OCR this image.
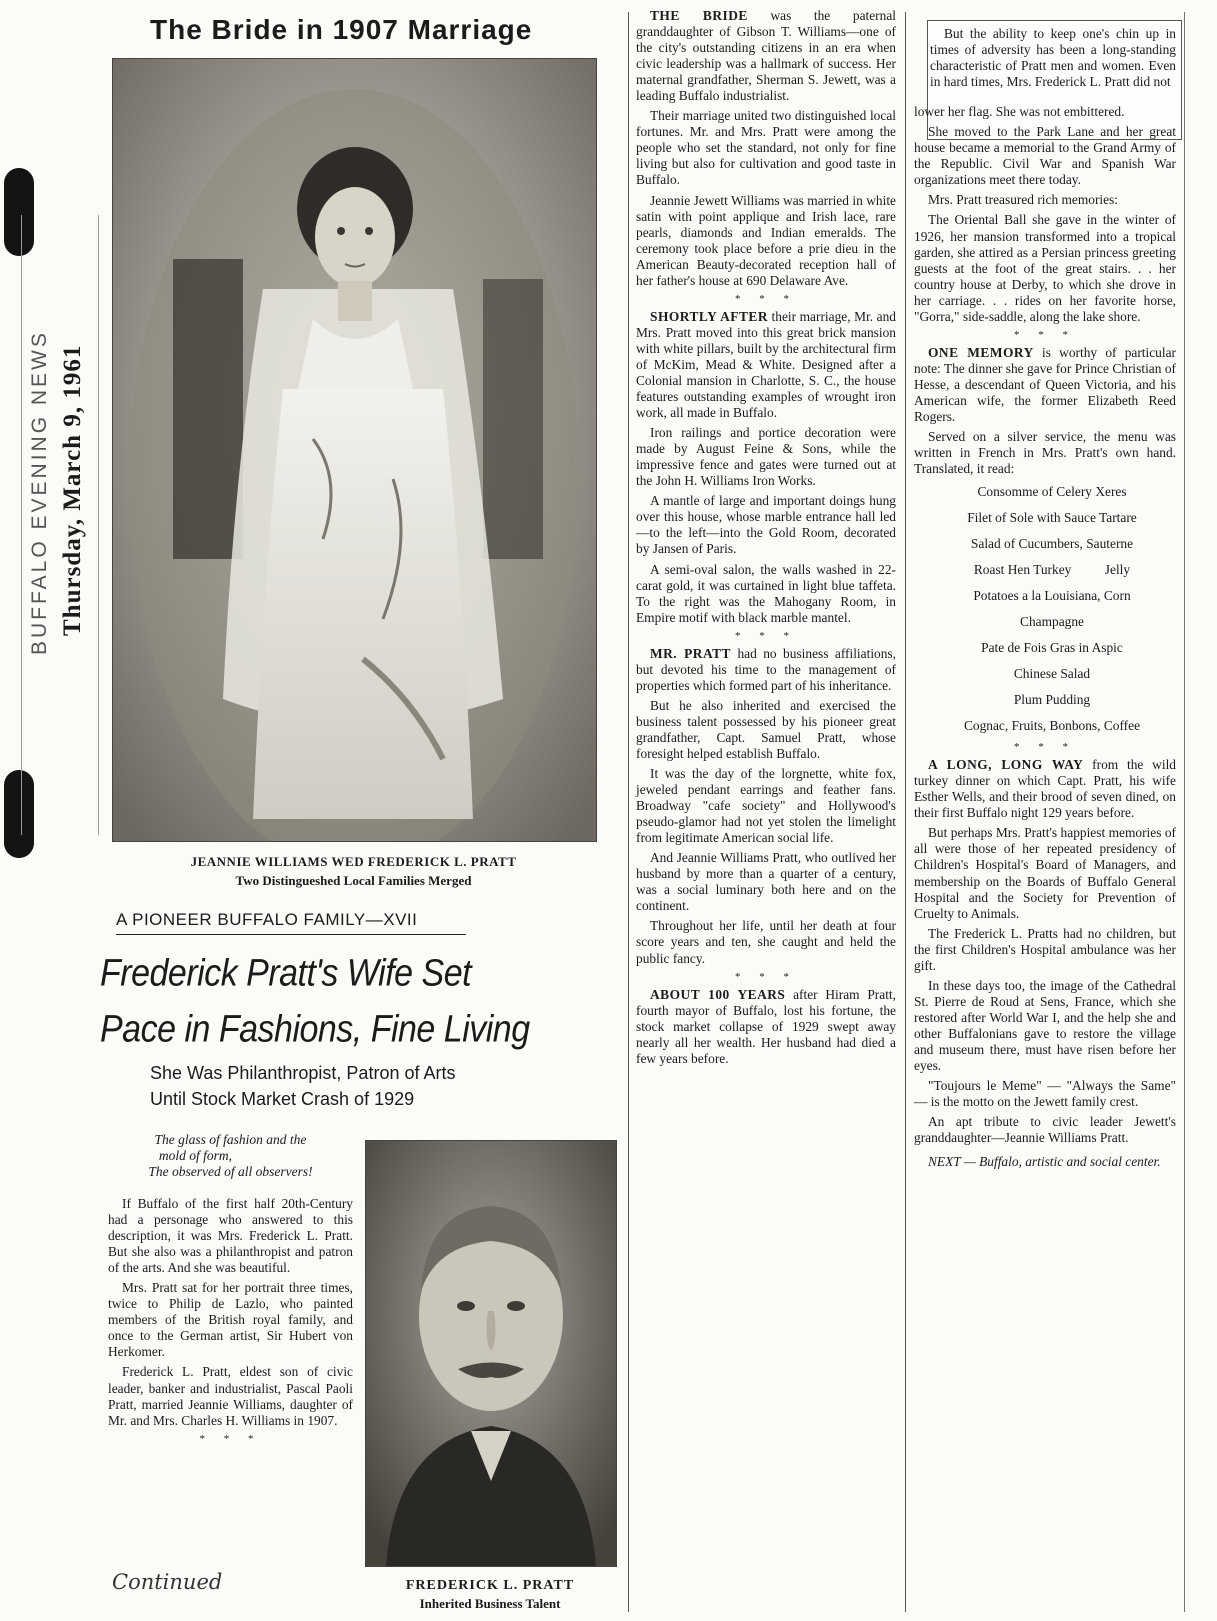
BUFFALO EVENING NEWS Thursday, March 9, 1961
The Bride in 1907 Marriage
JEANNIE WILLIAMS WED FREDERICK L. PRATT
Two Distingueshed Local Families Merged
A PIONEER BUFFALO FAMILY—XVII
Frederick Pratt's Wife Set
Pace in Fashions, Fine Living
She Was Philanthropist, Patron of Arts
Until Stock Market Crash of 1929
The glass of fashion and the
mold of form,
The observed of all observers!

If Buffalo of the first half 20th-Century had a personage who answered to this description, it was Mrs. Frederick L. Pratt. But she also was a philanthropist and patron of the arts. And she was beautiful.

Mrs. Pratt sat for her portrait three times, twice to Philip de Lazlo, who painted members of the British royal family, and once to the German artist, Sir Hubert von Herkomer.

Frederick L. Pratt, eldest son of civic leader, banker and industrialist, Pascal Paoli Pratt, married Jeannie Williams, daughter of Mr. and Mrs. Charles H. Williams in 1907.

* * *
Continued	FREDERICK L. PRATT
Inherited Business Talent

THE BRIDE was the paternal granddaughter of Gibson T. Williams—one of the city's outstanding citizens in an era when civic leadership was a hallmark of success. Her maternal grandfather, Sherman S. Jewett, was a leading Buffalo industrialist.

Their marriage united two distinguished local fortunes. Mr. and Mrs. Pratt were among the people who set the standard, not only for fine living but also for cultivation and good taste in Buffalo.

Jeannie Jewett Williams was married in white satin with point applique and Irish lace, rare pearls, diamonds and Indian emeralds. The ceremony took place before a prie dieu in the American Beauty-decorated reception hall of her father's house at 690 Delaware Ave.

* * *

SHORTLY AFTER their marriage, Mr. and Mrs. Pratt moved into this great brick mansion with white pillars, built by the architectural firm of McKim, Mead & White. Designed after a Colonial mansion in Charlotte, S. C., the house features outstanding examples of wrought iron work, all made in Buffalo.

Iron railings and portice decoration were made by August Feine & Sons, while the impressive fence and gates were turned out at the John H. Williams Iron Works.

A mantle of large and important doings hung over this house, whose marble entrance hall led—to the left—into the Gold Room, decorated by Jansen of Paris.

A semi-oval salon, the walls washed in 22-carat gold, it was curtained in light blue taffeta. To the right was the Mahogany Room, in Empire motif with black marble mantel.

* * *

MR. PRATT had no business affiliations, but devoted his time to the management of properties which formed part of his inheritance.

But he also inherited and exercised the business talent possessed by his pioneer great grandfather, Capt. Samuel Pratt, whose foresight helped establish Buffalo.

It was the day of the lorgnette, white fox, jeweled pendant earrings and feather fans. Broadway "cafe society" and Hollywood's pseudo-glamor had not yet stolen the limelight from legitimate American social life.

And Jeannie Williams Pratt, who outlived her husband by more than a quarter of a century, was a social luminary both here and on the continent.

Throughout her life, until her death at four score years and ten, she caught and held the public fancy.

* * *

ABOUT 100 YEARS after Hiram Pratt, fourth mayor of Buffalo, lost his fortune, the stock market collapse of 1929 swept away nearly all her wealth. Her husband had died a few years before.

But the ability to keep one's chin up in times of adversity has been a long-standing characteristic of Pratt men and women. Even in hard times, Mrs. Frederick L. Pratt did not

lower her flag. She was not embittered.

She moved to the Park Lane and her great house became a memorial to the Grand Army of the Republic. Civil War and Spanish War organizations meet there today.

Mrs. Pratt treasured rich memories:

The Oriental Ball she gave in the winter of 1926, her mansion transformed into a tropical garden, she attired as a Persian princess greeting guests at the foot of the great stairs. . . her country house at Derby, to which she drove in her carriage. . . rides on her favorite horse, "Gorra," side-saddle, along the lake shore.

* * *

ONE MEMORY is worthy of particular note: The dinner she gave for Prince Christian of Hesse, a descendant of Queen Victoria, and his American wife, the former Elizabeth Reed Rogers.

Served on a silver service, the menu was written in French in Mrs. Pratt's own hand. Translated, it read:

Consomme of Celery Xeres

Filet of Sole with Sauce Tartare

Salad of Cucumbers, Sauterne

Roast Hen Turkey          Jelly

Potatoes a la Louisiana, Corn

Champagne

Pate de Fois Gras in Aspic

Chinese Salad

Plum Pudding

Cognac, Fruits, Bonbons, Coffee

* * *

A LONG, LONG WAY from the wild turkey dinner on which Capt. Pratt, his wife Esther Wells, and their brood of seven dined, on their first Buffalo night 129 years before.

But perhaps Mrs. Pratt's happiest memories of all were those of her repeated presidency of Children's Hospital's Board of Managers, and membership on the Boards of Buffalo General Hospital and the Society for Prevention of Cruelty to Animals.

The Frederick L. Pratts had no children, but the first Children's Hospital ambulance was her gift.

In these days too, the image of the Cathedral St. Pierre de Roud at Sens, France, which she restored after World War I, and the help she and other Buffalonians gave to restore the village and museum there, must have risen before her eyes.

"Toujours le Meme" — "Always the Same" — is the motto on the Jewett family crest.

An apt tribute to civic leader Jewett's granddaughter—Jeannie Williams Pratt.

NEXT — Buffalo, artistic and social center.
